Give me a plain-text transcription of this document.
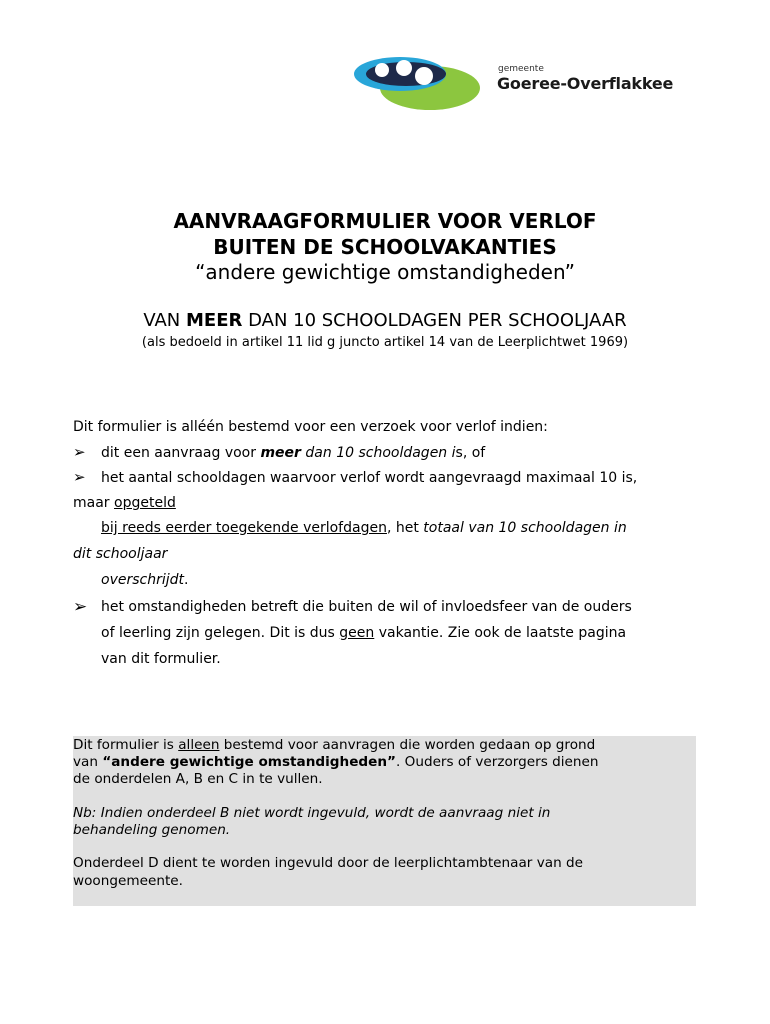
gemeente
Goeree-Overflakkee
AANVRAAGFORMULIER VOOR VERLOF
BUITEN DE SCHOOLVAKANTIES
“andere gewichtige omstandigheden”
VAN MEER DAN 10 SCHOOLDAGEN PER SCHOOLJAAR
(als bedoeld in artikel 11 lid g juncto artikel 14 van de Leerplichtwet 1969)
Dit formulier is alléén bestemd voor een verzoek voor verlof indien:
➢ dit een aanvraag voor meer dan 10 schooldagen is, of
➢ het aantal schooldagen waarvoor verlof wordt aangevraagd maximaal 10 is,
maar opgeteld
bij reeds eerder toegekende verlofdagen, het totaal van 10 schooldagen in
dit schooljaar
overschrijdt.
➢ het omstandigheden betreft die buiten de wil of invloedsfeer van de ouders
of leerling zijn gelegen. Dit is dus geen vakantie. Zie ook de laatste pagina
van dit formulier.
Dit formulier is alleen bestemd voor aanvragen die worden gedaan op grond
van “andere gewichtige omstandigheden”. Ouders of verzorgers dienen
de onderdelen A, B en C in te vullen.
Nb: Indien onderdeel B niet wordt ingevuld, wordt de aanvraag niet in
behandeling genomen.
Onderdeel D dient te worden ingevuld door de leerplichtambtenaar van de
woongemeente.
